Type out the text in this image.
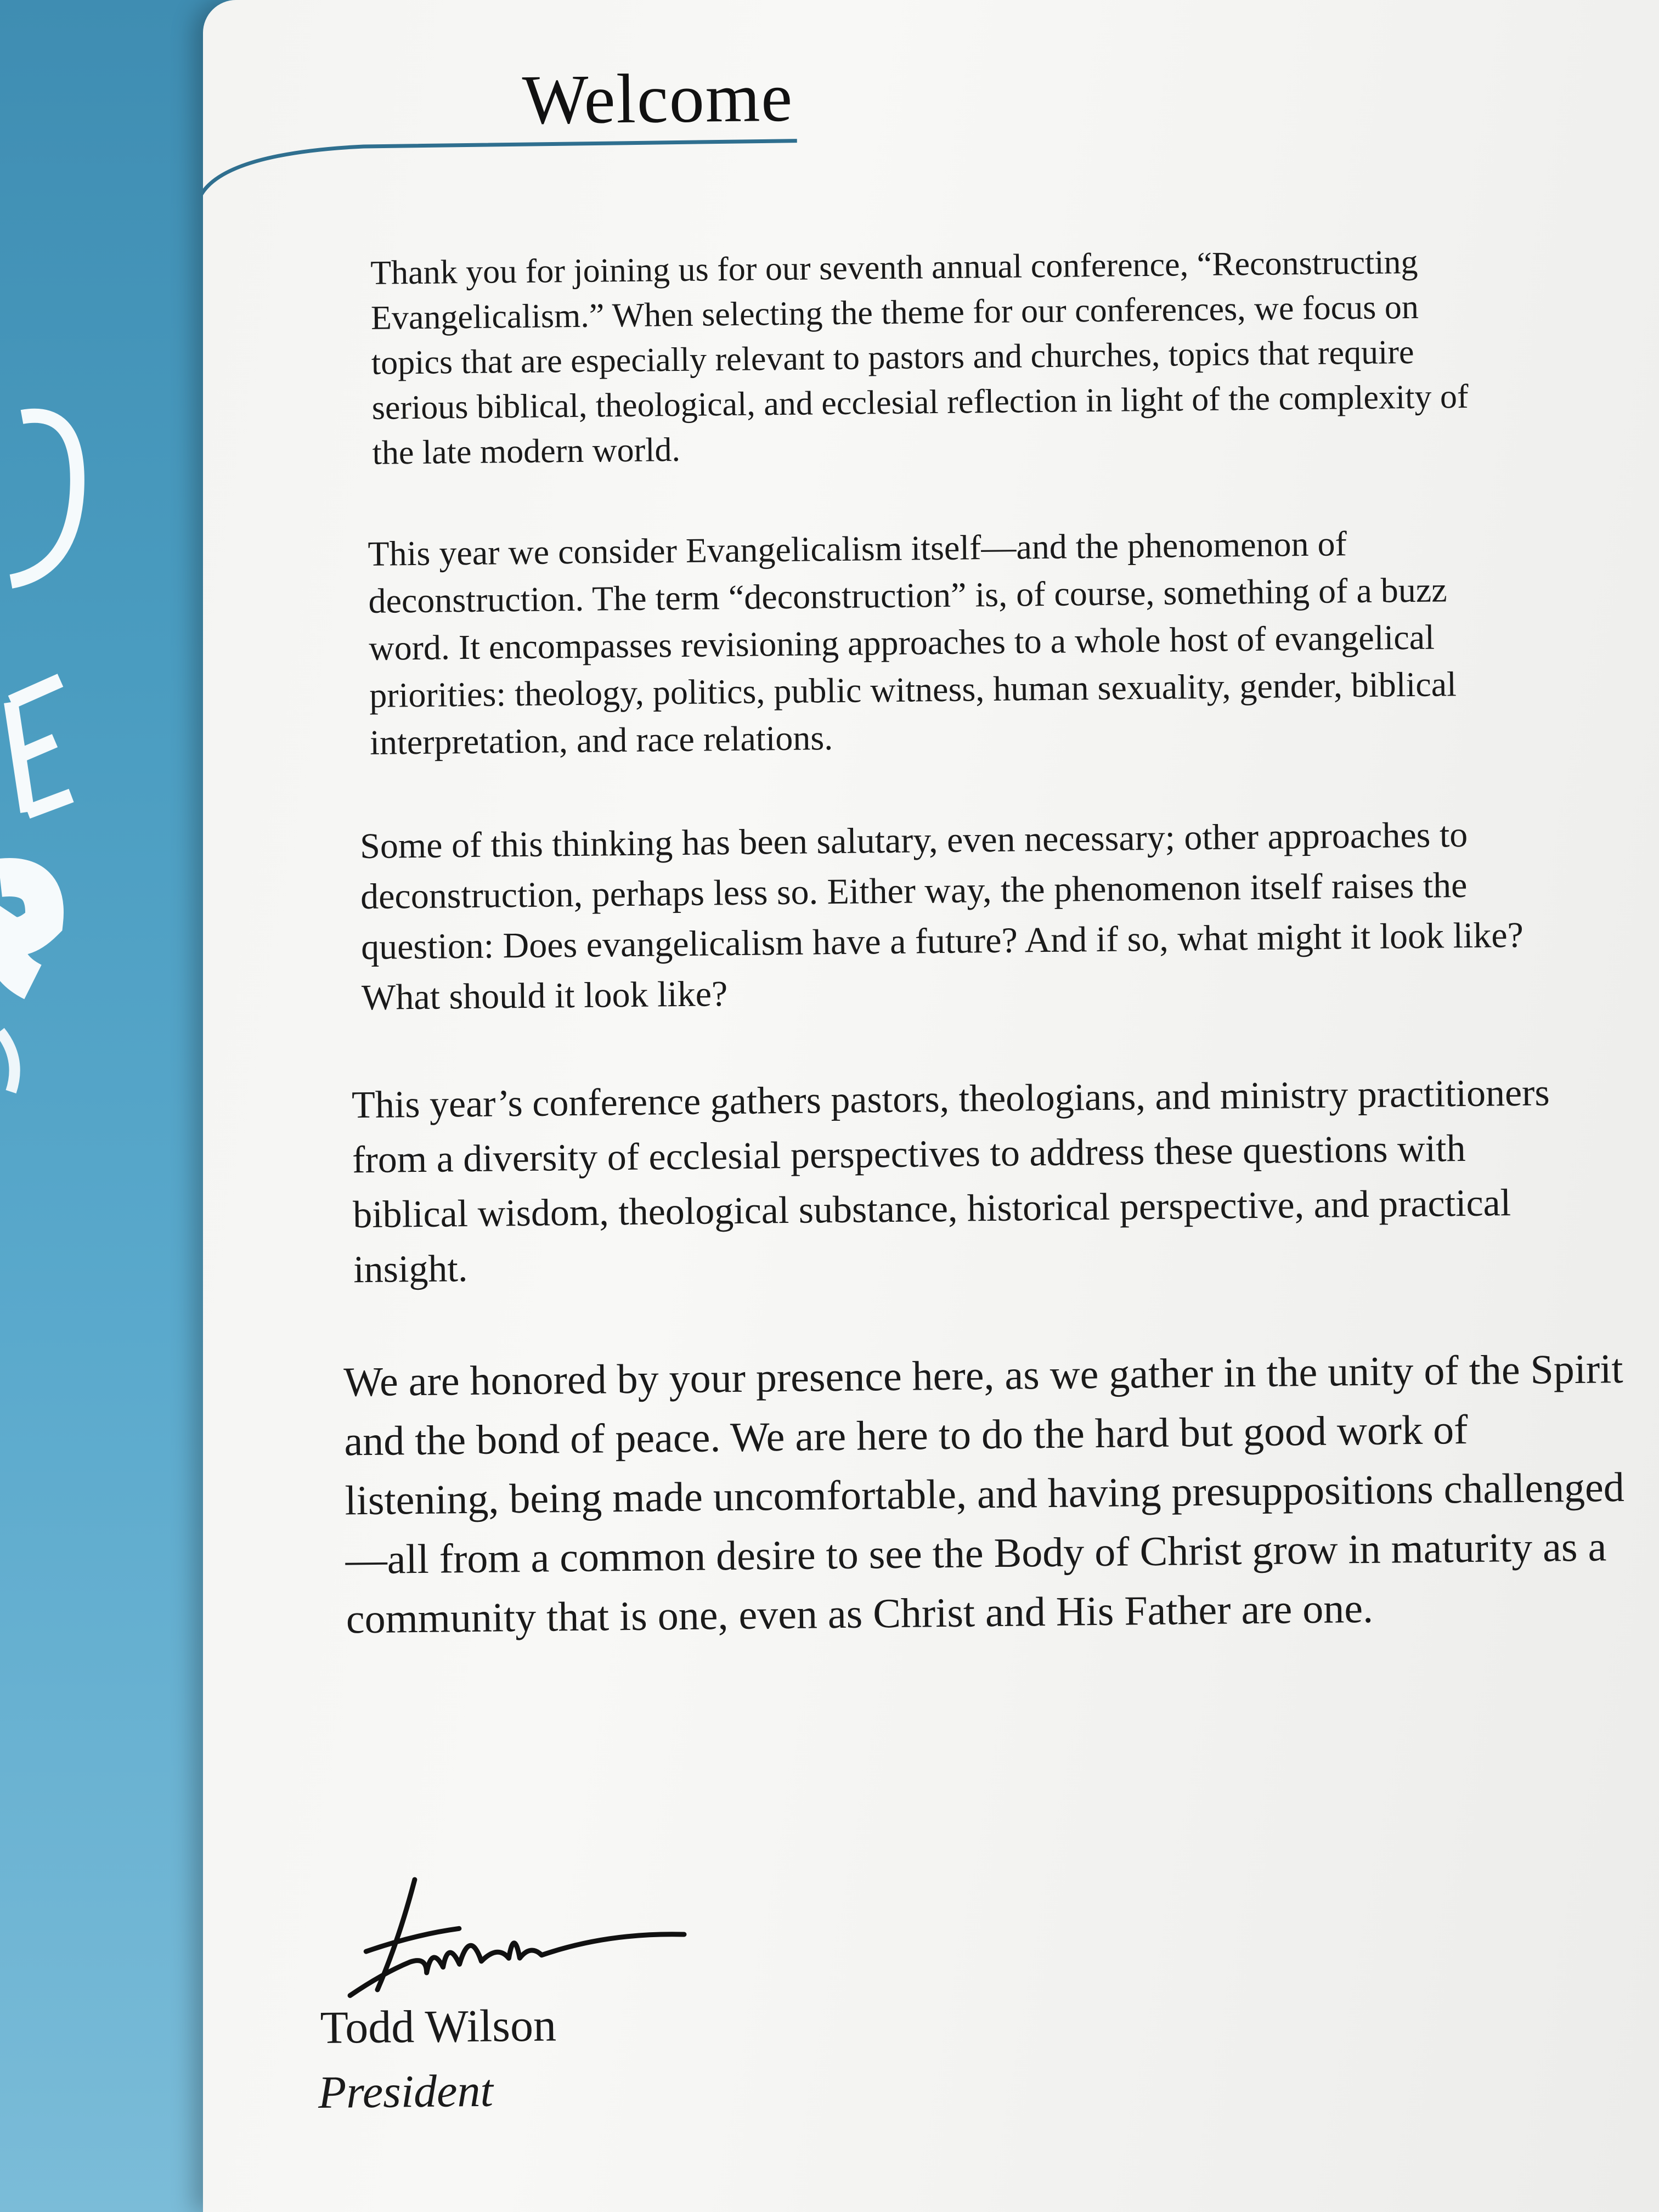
Welcome

Thank you for joining us for our seventh annual conference, “Reconstructing Evangelicalism.” When selecting the theme for our conferences, we focus on topics that are especially relevant to pastors and churches, topics that require serious biblical, theological, and ecclesial reflection in light of the complexity of the late modern world.

This year we consider Evangelicalism itself—and the phenomenon of deconstruction. The term “deconstruction” is, of course, something of a buzz word. It encompasses revisioning approaches to a whole host of evangelical priorities: theology, politics, public witness, human sexuality, gender, biblical interpretation, and race relations.

Some of this thinking has been salutary, even necessary; other approaches to deconstruction, perhaps less so. Either way, the phenomenon itself raises the question: Does evangelicalism have a future? And if so, what might it look like? What should it look like?

This year’s conference gathers pastors, theologians, and ministry practitioners from a diversity of ecclesial perspectives to address these questions with biblical wisdom, theological substance, historical perspective, and practical insight.

We are honored by your presence here, as we gather in the unity of the Spirit and the bond of peace. We are here to do the hard but good work of listening, being made uncomfortable, and having presuppositions challenged—all from a common desire to see the Body of Christ grow in maturity as a community that is one, even as Christ and His Father are one.

Todd Wilson

President
